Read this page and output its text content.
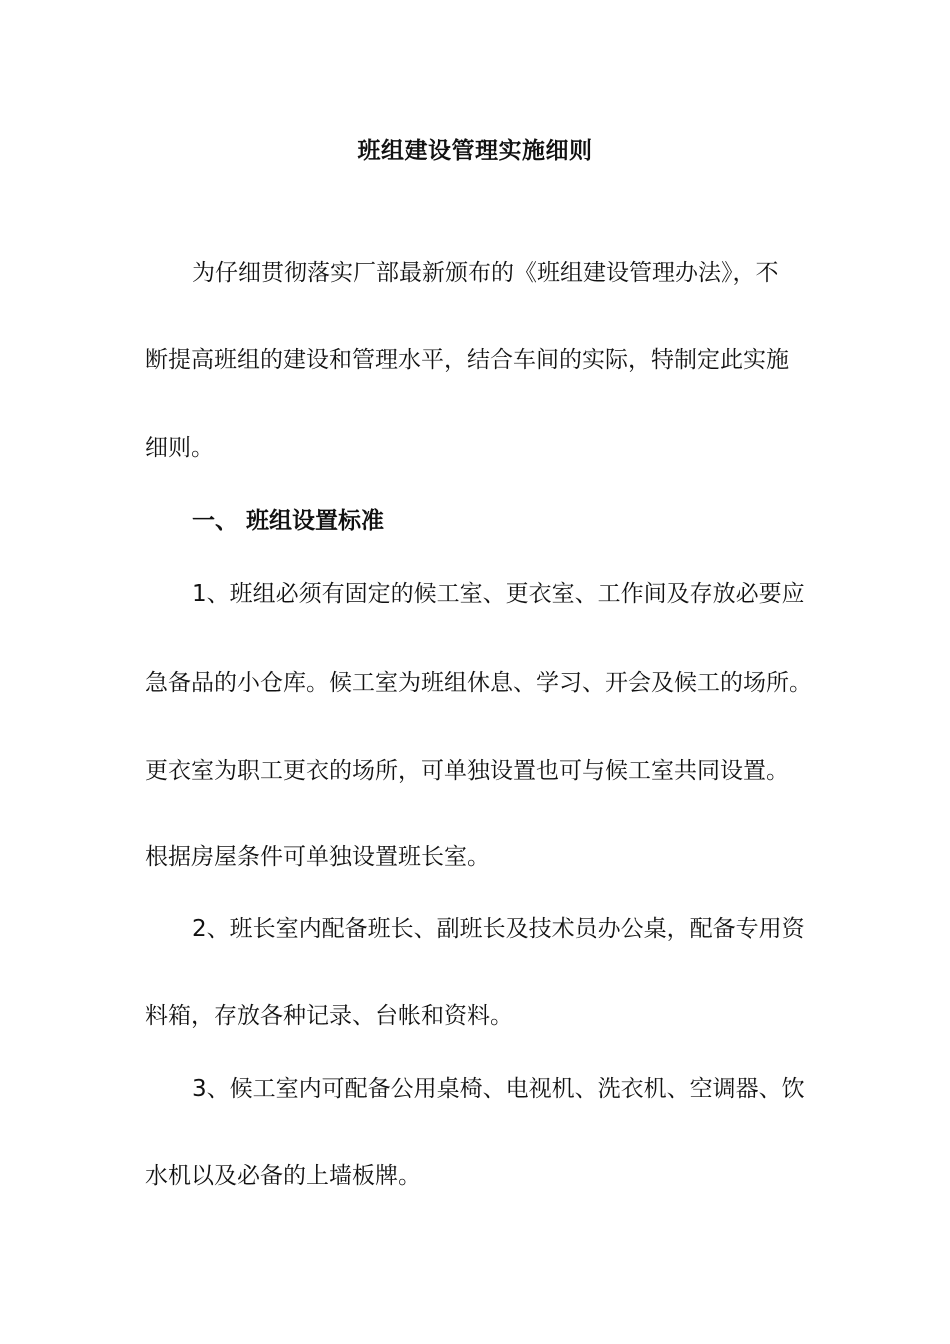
班组建设管理实施细则
为仔细贯彻落实厂部最新颁布的《班组建设管理办法》，不
断提高班组的建设和管理水平，结合车间的实际，特制定此实施
细则。
一、 班组设置标准
1、班组必须有固定的候工室、更衣室、工作间及存放必要应
急备品的小仓库。候工室为班组休息、学习、开会及候工的场所。
更衣室为职工更衣的场所，可单独设置也可与候工室共同设置。
根据房屋条件可单独设置班长室。
2、班长室内配备班长、副班长及技术员办公桌，配备专用资
料箱，存放各种记录、台帐和资料。
3、候工室内可配备公用桌椅、电视机、洗衣机、空调器、饮
水机以及必备的上墙板牌。
